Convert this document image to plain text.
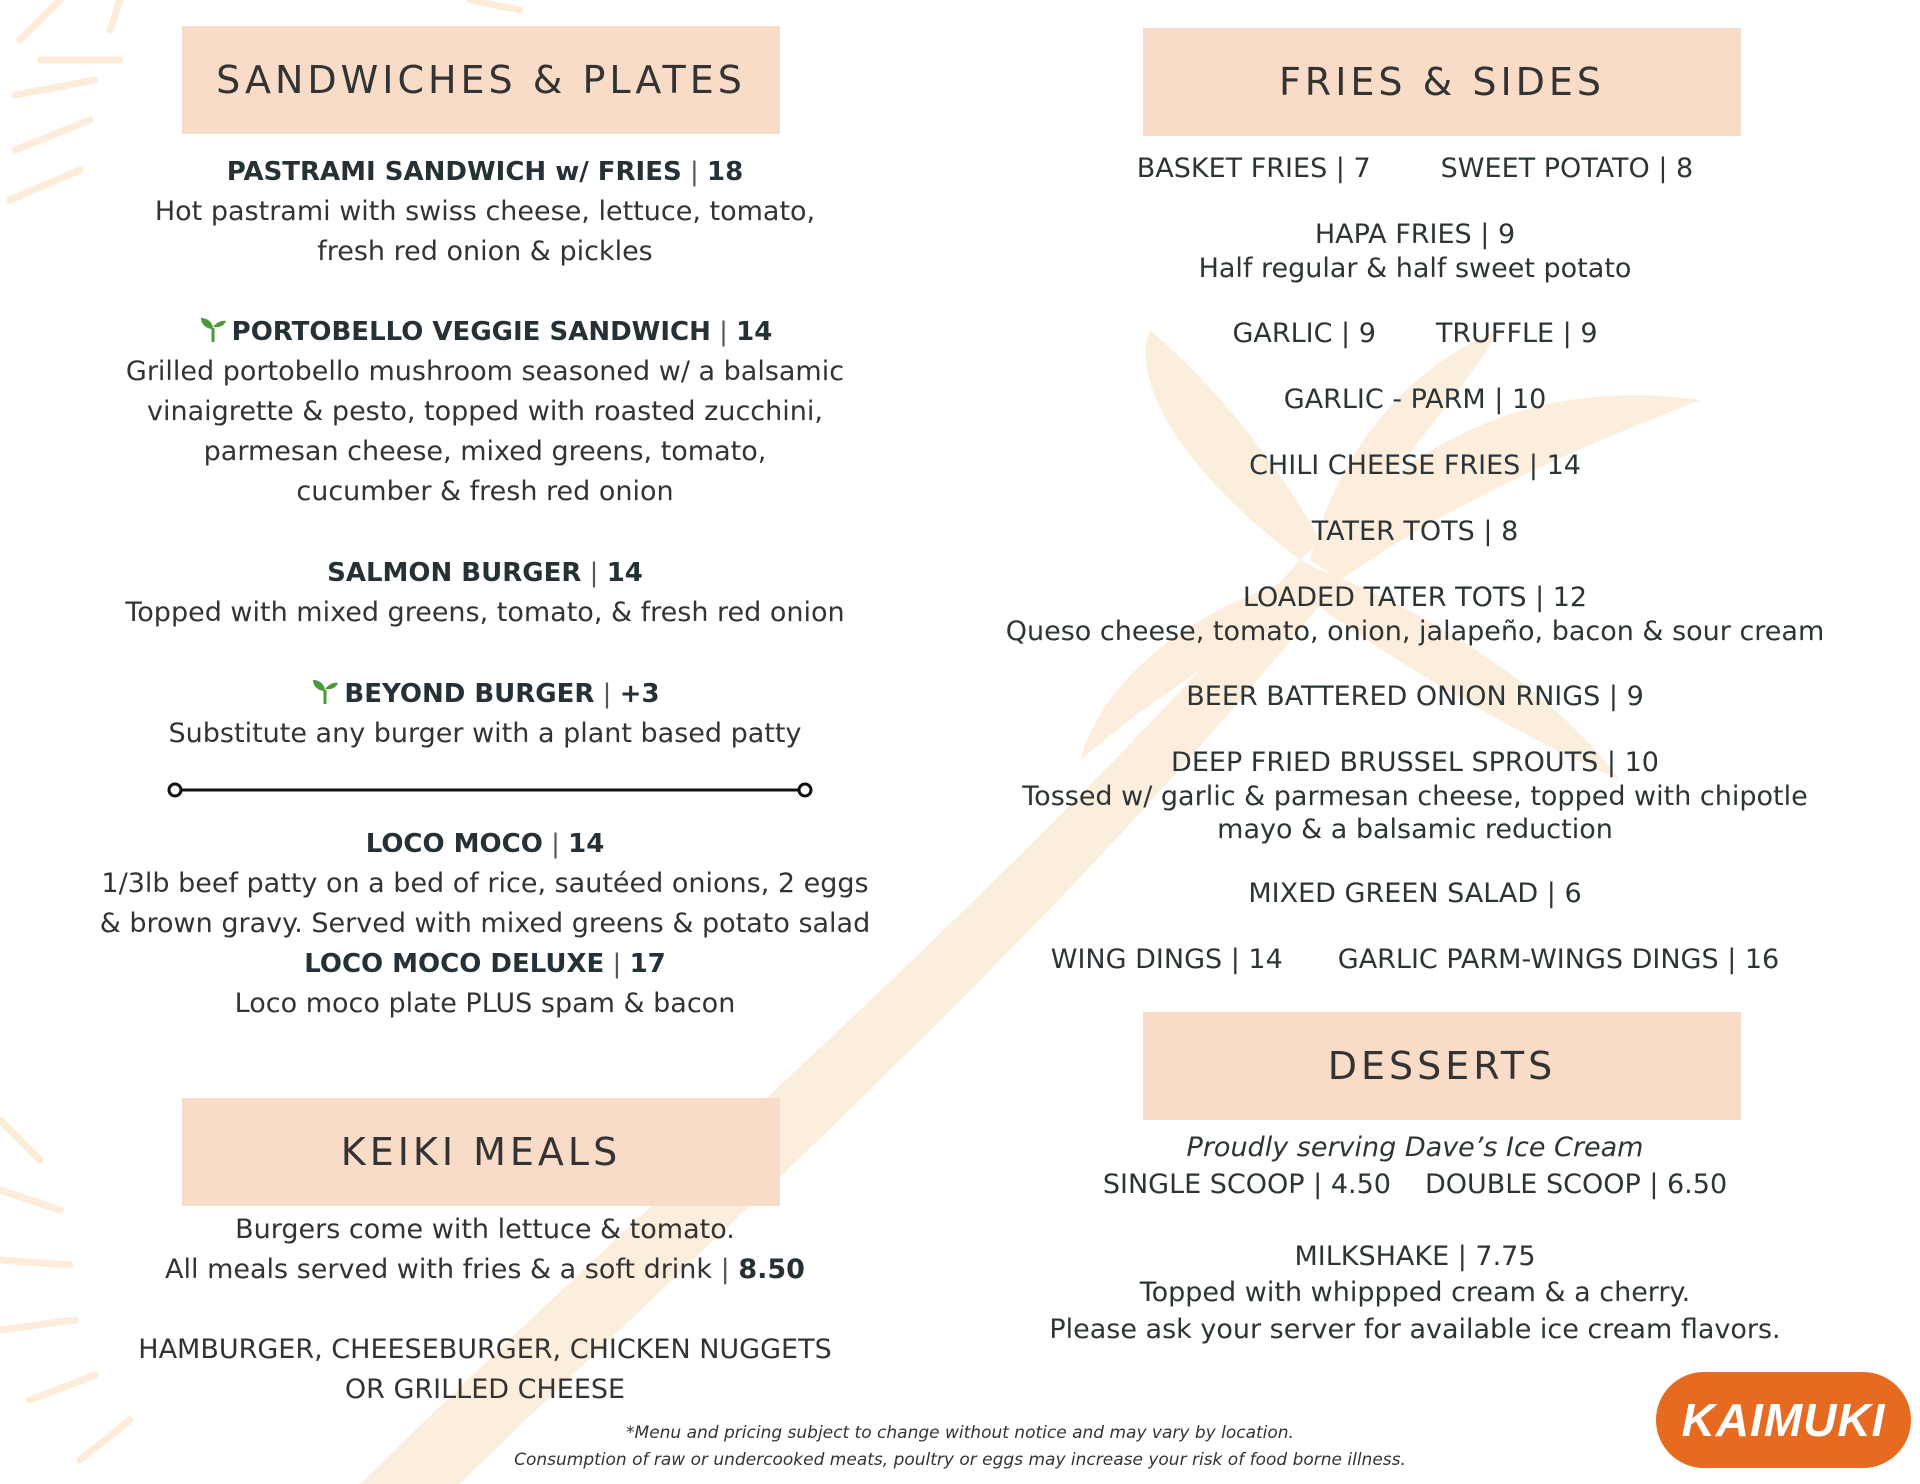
SANDWICHES & PLATES
PASTRAMI SANDWICH w/ FRIES | 18
Hot pastrami with swiss cheese, lettuce, tomato,
fresh red onion & pickles
PORTOBELLO VEGGIE SANDWICH | 14
Grilled portobello mushroom seasoned w/ a balsamic
vinaigrette & pesto, topped with roasted zucchini,
parmesan cheese, mixed greens, tomato,
cucumber & fresh red onion
SALMON BURGER | 14
Topped with mixed greens, tomato, & fresh red onion
BEYOND BURGER | +3
Substitute any burger with a plant based patty
LOCO MOCO | 14
1/3lb beef patty on a bed of rice, sautéed onions, 2 eggs
& brown gravy. Served with mixed greens & potato salad
LOCO MOCO DELUXE | 17
Loco moco plate PLUS spam & bacon
KEIKI MEALS
Burgers come with lettuce & tomato.
All meals served with fries & a soft drink | 8.50
HAMBURGER, CHEESEBURGER, CHICKEN NUGGETS
OR GRILLED CHEESE
FRIES & SIDES
BASKET FRIES | 7	SWEET POTATO | 8
HAPA FRIES | 9
Half regular & half sweet potato
GARLIC | 9 TRUFFLE | 9
GARLIC - PARM | 10
CHILI CHEESE FRIES | 14
TATER TOTS | 8
LOADED TATER TOTS | 12
Queso cheese, tomato, onion, jalapeño, bacon & sour cream
BEER BATTERED ONION RNIGS | 9
DEEP FRIED BRUSSEL SPROUTS | 10
Tossed w/ garlic & parmesan cheese, topped with chipotle
mayo & a balsamic reduction
MIXED GREEN SALAD | 6
WING DINGS | 14 GARLIC PARM-WINGS DINGS | 16
DESSERTS
Proudly serving Dave’s Ice Cream
SINGLE SCOOP | 4.50 DOUBLE SCOOP | 6.50
MILKSHAKE | 7.75
Topped with whippped cream & a cherry.
Please ask your server for available ice cream flavors.
*Menu and pricing subject to change without notice and may vary by location.
Consumption of raw or undercooked meats, poultry or eggs may increase your risk of food borne illness.
KAIMUKI
